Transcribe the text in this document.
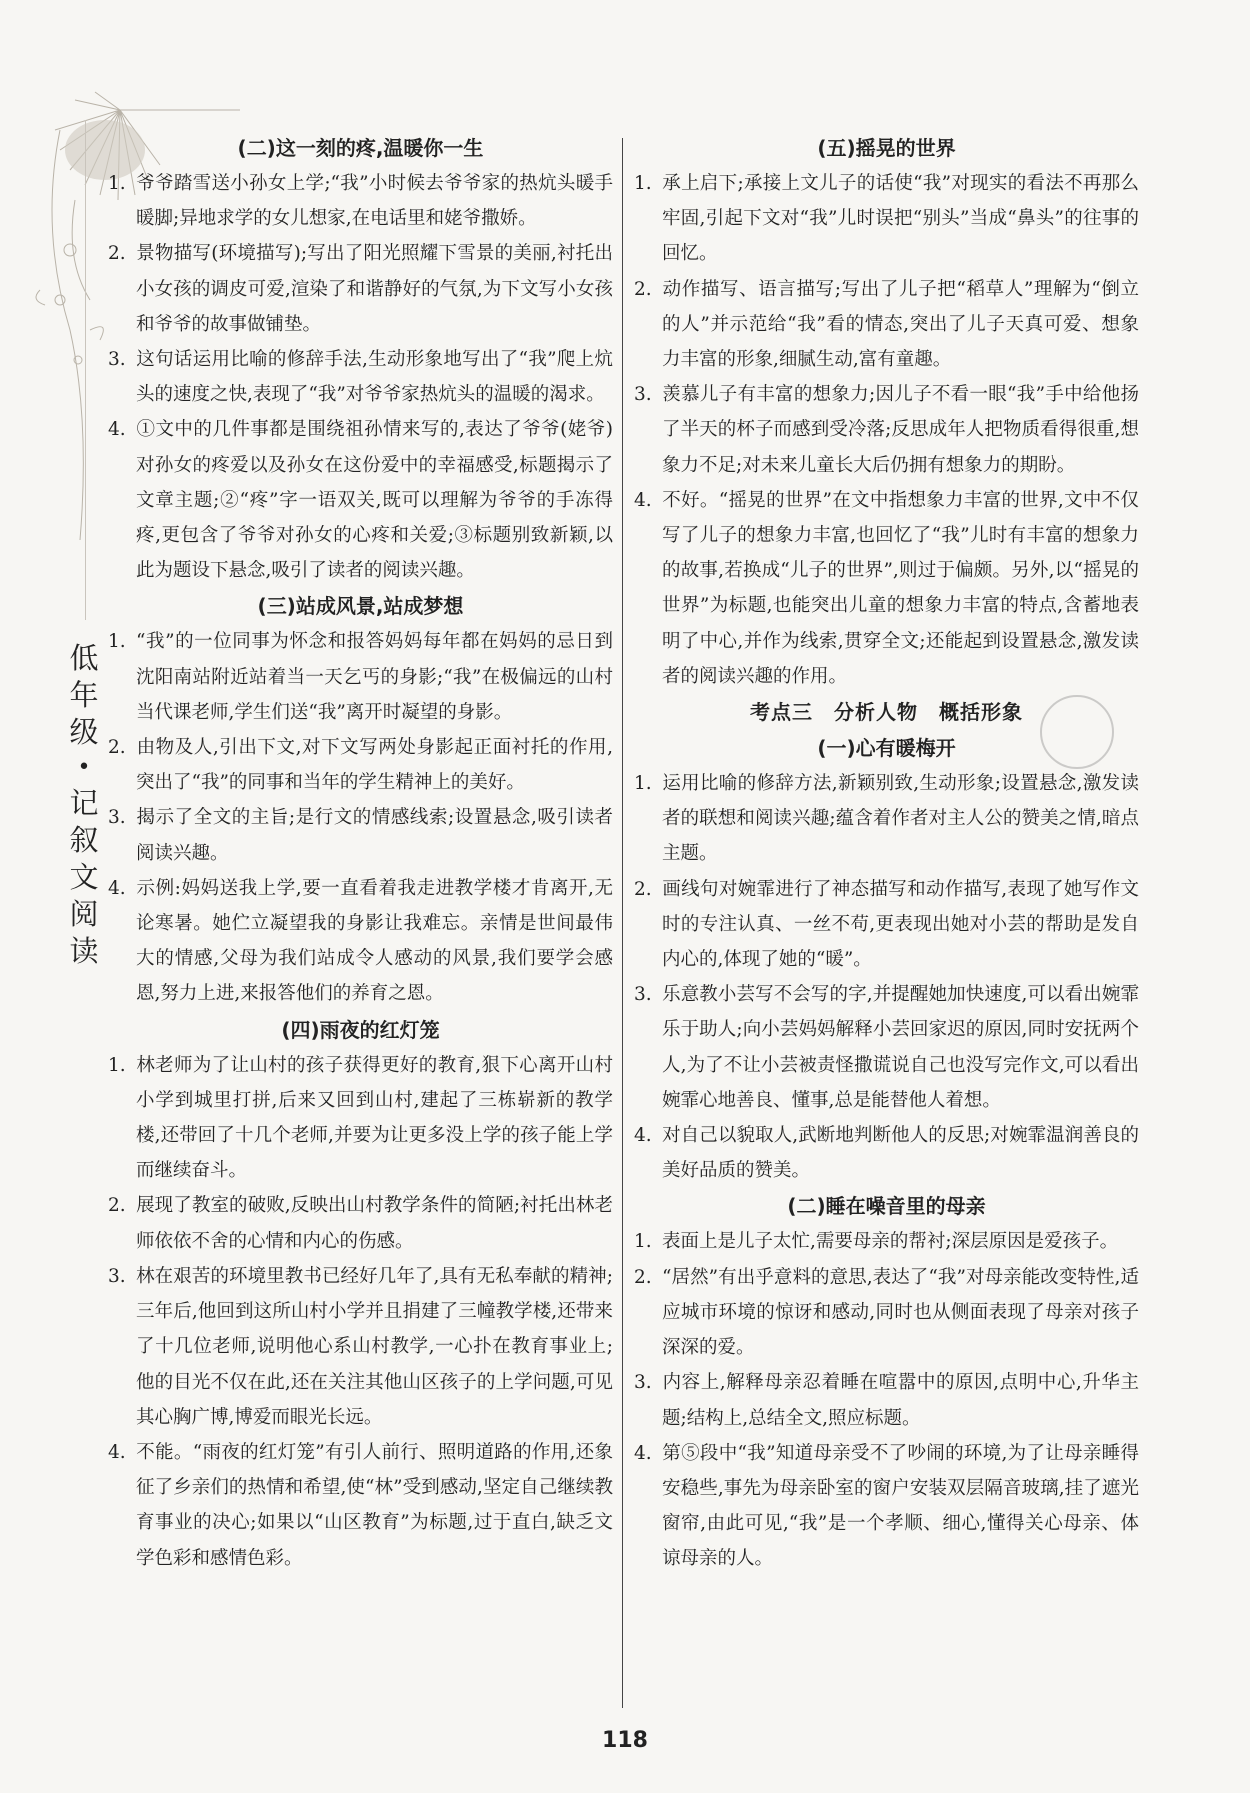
低
年
级
•
记
叙
文
阅
读
(二)这一刻的疼,温暖你一生
1. 爷爷踏雪送小孙女上学;“我”小时候去爷爷家的热炕头暖手暖脚;异地求学的女儿想家,在电话里和姥爷撒娇。
2. 景物描写(环境描写);写出了阳光照耀下雪景的美丽,衬托出小女孩的调皮可爱,渲染了和谐静好的气氛,为下文写小女孩和爷爷的故事做铺垫。
3. 这句话运用比喻的修辞手法,生动形象地写出了“我”爬上炕头的速度之快,表现了“我”对爷爷家热炕头的温暖的渴求。
4. ①文中的几件事都是围绕祖孙情来写的,表达了爷爷(姥爷)对孙女的疼爱以及孙女在这份爱中的幸福感受,标题揭示了文章主题;②“疼”字一语双关,既可以理解为爷爷的手冻得疼,更包含了爷爷对孙女的心疼和关爱;③标题别致新颖,以此为题设下悬念,吸引了读者的阅读兴趣。
(三)站成风景,站成梦想
1. “我”的一位同事为怀念和报答妈妈每年都在妈妈的忌日到沈阳南站附近站着当一天乞丐的身影;“我”在极偏远的山村当代课老师,学生们送“我”离开时凝望的身影。
2. 由物及人,引出下文,对下文写两处身影起正面衬托的作用,突出了“我”的同事和当年的学生精神上的美好。
3. 揭示了全文的主旨;是行文的情感线索;设置悬念,吸引读者阅读兴趣。
4. 示例:妈妈送我上学,要一直看着我走进教学楼才肯离开,无论寒暑。她伫立凝望我的身影让我难忘。亲情是世间最伟大的情感,父母为我们站成令人感动的风景,我们要学会感恩,努力上进,来报答他们的养育之恩。
(四)雨夜的红灯笼
1. 林老师为了让山村的孩子获得更好的教育,狠下心离开山村小学到城里打拼,后来又回到山村,建起了三栋崭新的教学楼,还带回了十几个老师,并要为让更多没上学的孩子能上学而继续奋斗。
2. 展现了教室的破败,反映出山村教学条件的简陋;衬托出林老师依依不舍的心情和内心的伤感。
3. 林在艰苦的环境里教书已经好几年了,具有无私奉献的精神;三年后,他回到这所山村小学并且捐建了三幢教学楼,还带来了十几位老师,说明他心系山村教学,一心扑在教育事业上;他的目光不仅在此,还在关注其他山区孩子的上学问题,可见其心胸广博,博爱而眼光长远。
4. 不能。“雨夜的红灯笼”有引人前行、照明道路的作用,还象征了乡亲们的热情和希望,使“林”受到感动,坚定自己继续教育事业的决心;如果以“山区教育”为标题,过于直白,缺乏文学色彩和感情色彩。
(五)摇晃的世界
1. 承上启下;承接上文儿子的话使“我”对现实的看法不再那么牢固,引起下文对“我”儿时误把“别头”当成“鼻头”的往事的回忆。
2. 动作描写、语言描写;写出了儿子把“稻草人”理解为“倒立的人”并示范给“我”看的情态,突出了儿子天真可爱、想象力丰富的形象,细腻生动,富有童趣。
3. 羡慕儿子有丰富的想象力;因儿子不看一眼“我”手中给他扬了半天的杯子而感到受冷落;反思成年人把物质看得很重,想象力不足;对未来儿童长大后仍拥有想象力的期盼。
4. 不好。“摇晃的世界”在文中指想象力丰富的世界,文中不仅写了儿子的想象力丰富,也回忆了“我”儿时有丰富的想象力的故事,若换成“儿子的世界”,则过于偏颇。另外,以“摇晃的世界”为标题,也能突出儿童的想象力丰富的特点,含蓄地表明了中心,并作为线索,贯穿全文;还能起到设置悬念,激发读者的阅读兴趣的作用。
考点三　分析人物　概括形象
(一)心有暖梅开
1. 运用比喻的修辞方法,新颖别致,生动形象;设置悬念,激发读者的联想和阅读兴趣;蕴含着作者对主人公的赞美之情,暗点主题。
2. 画线句对婉霏进行了神态描写和动作描写,表现了她写作文时的专注认真、一丝不苟,更表现出她对小芸的帮助是发自内心的,体现了她的“暖”。
3. 乐意教小芸写不会写的字,并提醒她加快速度,可以看出婉霏乐于助人;向小芸妈妈解释小芸回家迟的原因,同时安抚两个人,为了不让小芸被责怪撒谎说自己也没写完作文,可以看出婉霏心地善良、懂事,总是能替他人着想。
4. 对自己以貌取人,武断地判断他人的反思;对婉霏温润善良的美好品质的赞美。
(二)睡在噪音里的母亲
1. 表面上是儿子太忙,需要母亲的帮衬;深层原因是爱孩子。
2. “居然”有出乎意料的意思,表达了“我”对母亲能改变特性,适应城市环境的惊讶和感动,同时也从侧面表现了母亲对孩子深深的爱。
3. 内容上,解释母亲忍着睡在喧嚣中的原因,点明中心,升华主题;结构上,总结全文,照应标题。
4. 第⑤段中“我”知道母亲受不了吵闹的环境,为了让母亲睡得安稳些,事先为母亲卧室的窗户安装双层隔音玻璃,挂了遮光窗帘,由此可见,“我”是一个孝顺、细心,懂得关心母亲、体谅母亲的人。
118
